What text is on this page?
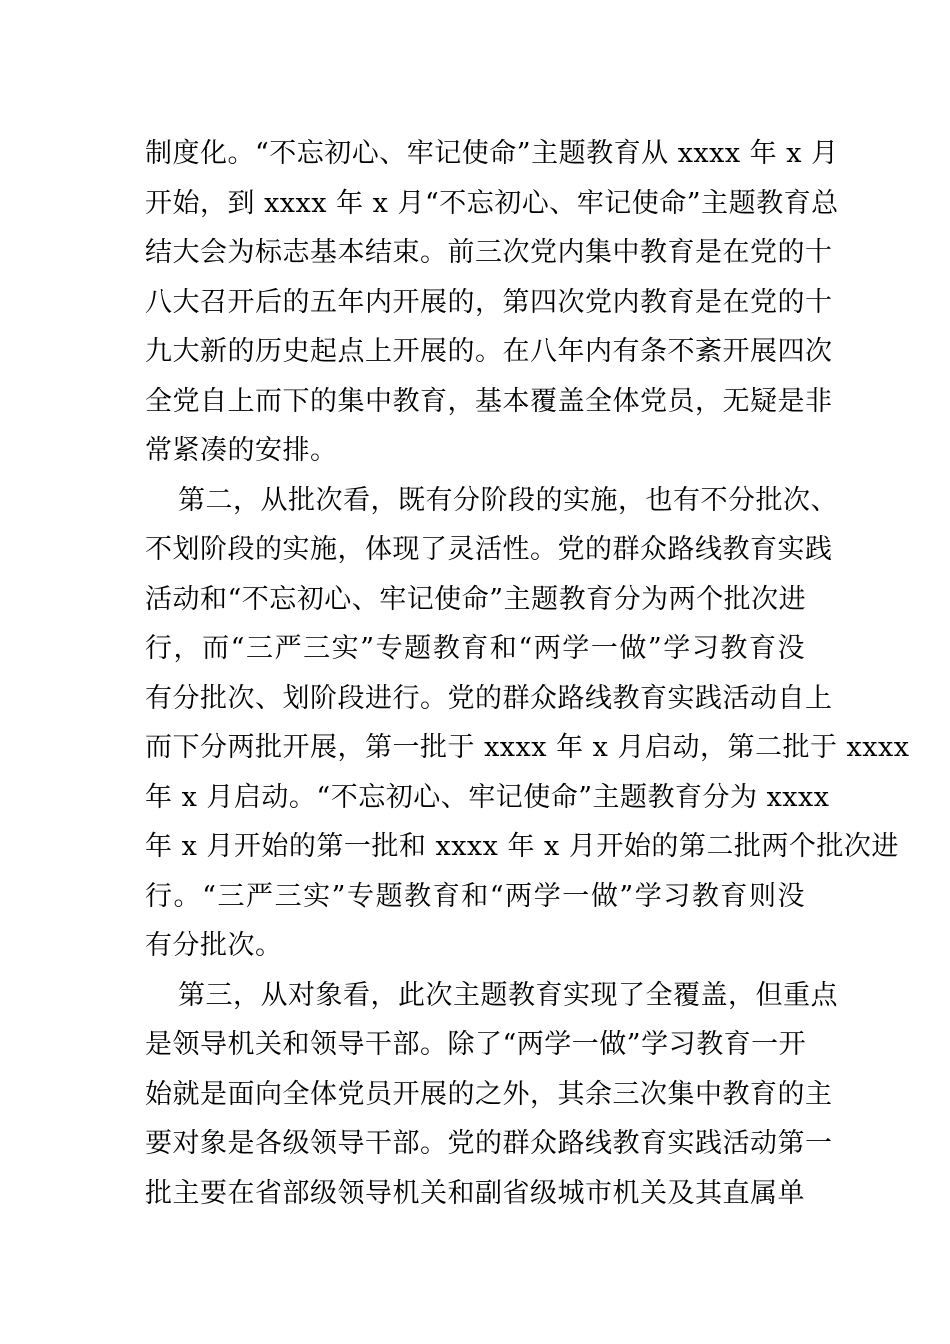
制度化。“不忘初心、牢记使命”主题教育从 xxxx 年 x 月
开始，到 xxxx 年 x 月“不忘初心、牢记使命”主题教育总
结大会为标志基本结束。前三次党内集中教育是在党的十
八大召开后的五年内开展的，第四次党内教育是在党的十
九大新的历史起点上开展的。在八年内有条不紊开展四次
全党自上而下的集中教育，基本覆盖全体党员，无疑是非
常紧凑的安排。
第二，从批次看，既有分阶段的实施，也有不分批次、
不划阶段的实施，体现了灵活性。党的群众路线教育实践
活动和“不忘初心、牢记使命”主题教育分为两个批次进
行，而“三严三实”专题教育和“两学一做”学习教育没
有分批次、划阶段进行。党的群众路线教育实践活动自上
而下分两批开展，第一批于 xxxx 年 x 月启动，第二批于 xxxx
年 x 月启动。“不忘初心、牢记使命”主题教育分为 xxxx
年 x 月开始的第一批和 xxxx 年 x 月开始的第二批两个批次进
行。“三严三实”专题教育和“两学一做”学习教育则没
有分批次。
第三，从对象看，此次主题教育实现了全覆盖，但重点
是领导机关和领导干部。除了“两学一做”学习教育一开
始就是面向全体党员开展的之外，其余三次集中教育的主
要对象是各级领导干部。党的群众路线教育实践活动第一
批主要在省部级领导机关和副省级城市机关及其直属单
